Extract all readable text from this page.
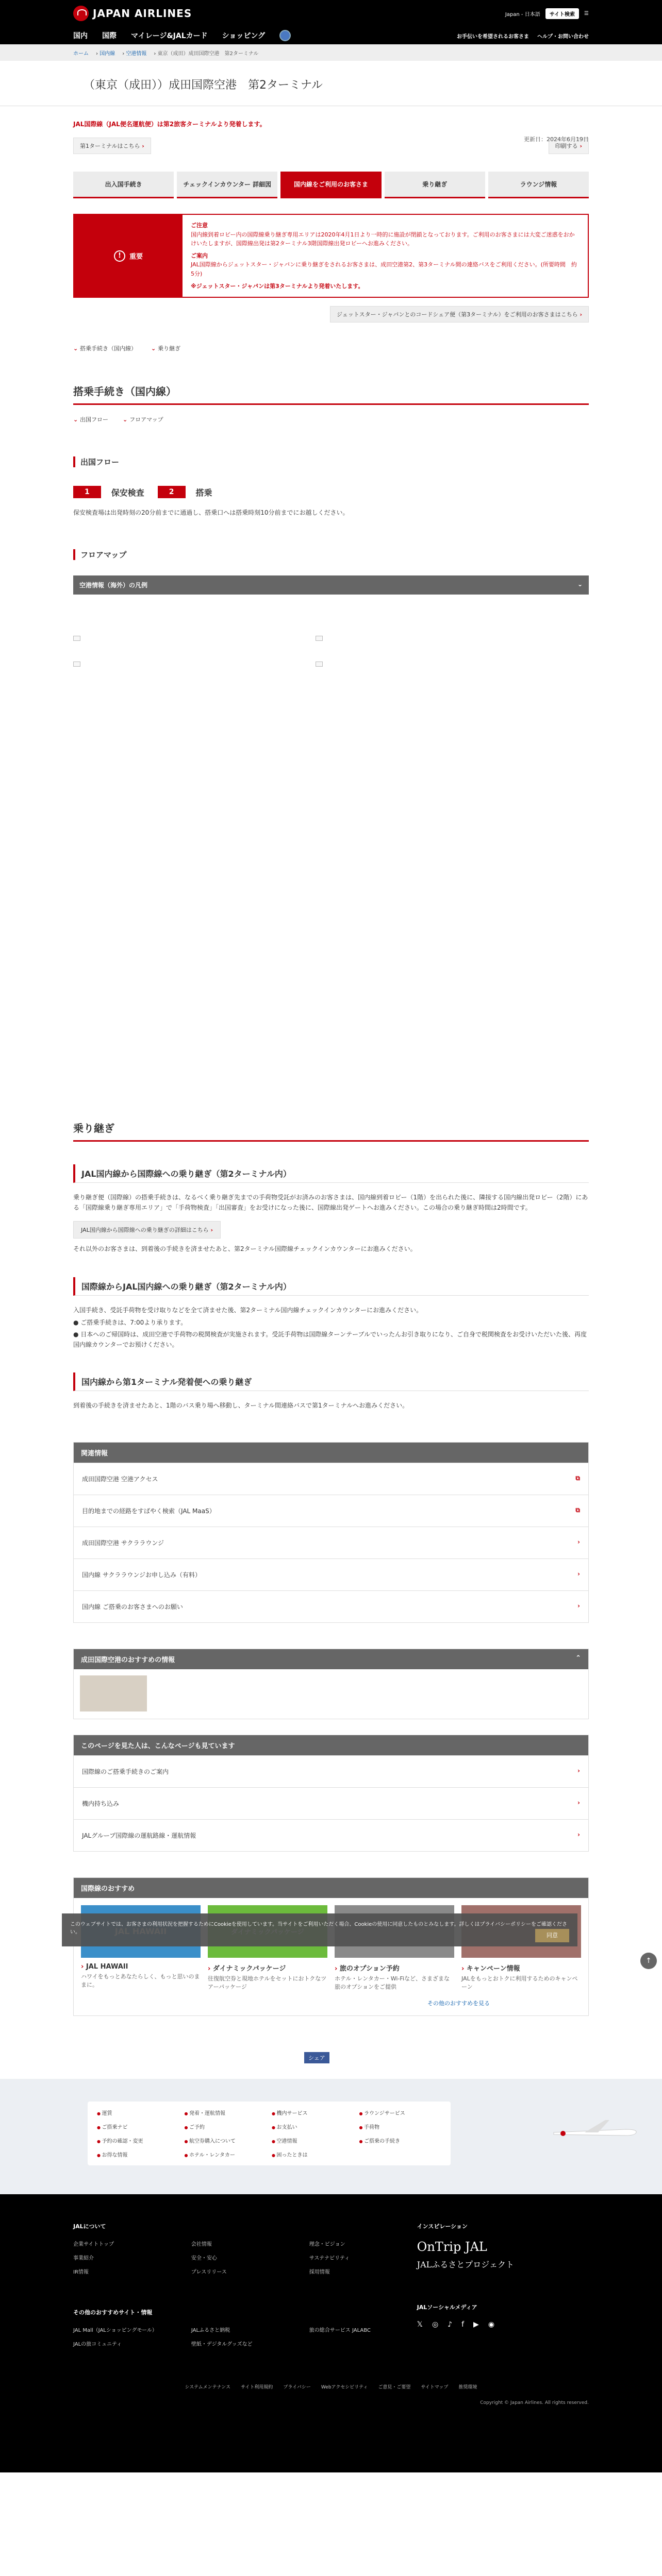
JAPAN AIRLINES	Japan - 日本語	サイト検索	☰
国内 国際 マイレージ&JALカード ショッピング	お手伝いを希望されるお客さま ヘルプ・お問い合わせ
ホーム › 国内線 › 空港情報 › 東京（成田）成田国際空港　第2ターミナル
（東京（成田））成田国際空港　第2ターミナル
JAL国際線（JAL便名運航便）は第2旅客ターミナルより発着します。
更新日：2024年6月19日
第1ターミナルはこちら ›	印刷する ›
出入国手続き	チェックインカウンター 詳細図	国内線をご利用のお客さま	乗り継ぎ	ラウンジ情報
!	重要
ご注意
国内線到着ロビー内の国際線乗り継ぎ専用エリアは2020年4月1日より一時的に施設が閉鎖となっております。ご利用のお客さまには大変ご迷惑をおかけいたしますが、国際線出発は第2ターミナル3階国際線出発ロビーへお進みください。
ご案内
JAL国際線からジェットスター・ジャパンに乗り継ぎをされるお客さまは、成田空港第2、第3ターミナル間の連絡バスをご利用ください。(所要時間　約5分)
※ジェットスター・ジャパンは第3ターミナルより発着いたします。
ジェットスター・ジャパンとのコードシェア便（第3ターミナル）をご利用のお客さまはこちら ›
⌄ 搭乗手続き（国内線）	⌄ 乗り継ぎ
搭乗手続き（国内線）
⌄ 出国フロー	⌄ フロアマップ
出国フロー
1	保安検査	2	搭乗

保安検査場は出発時刻の20分前までに通過し、搭乗口へは搭乗時刻10分前までにお越しください。

フロアマップ
空港情報（海外）の凡例	⌄
乗り継ぎ
JAL国内線から国際線への乗り継ぎ（第2ターミナル内）

乗り継ぎ便（国際線）の搭乗手続きは、なるべく乗り継ぎ先までの手荷物受託がお済みのお客さまは、国内線到着ロビー（1階）を出られた後に、隣接する国内線出発ロビー（2階）にある「国際線乗り継ぎ専用エリア」で「手荷物検査」「出国審査」をお受けになった後に、国際線出発ゲートへお進みください。この場合の乗り継ぎ時間は2時間です。

JAL国内線から国際線への乗り継ぎの詳細はこちら ›

それ以外のお客さまは、到着後の手続きを済ませたあと、第2ターミナル国際線チェックインカウンターにお進みください。

国際線からJAL国内線への乗り継ぎ（第2ターミナル内）

入国手続き、受託手荷物を受け取りなどを全て済ませた後、第2ターミナル国内線チェックインカウンターにお進みください。

● ご搭乗手続きは、7:00より承ります。

● 日本へのご帰国時は、成田空港で手荷物の税関検査が実施されます。受託手荷物は国際線ターンテーブルでいったんお引き取りになり、ご自身で税関検査をお受けいただいた後、再度国内線カウンターでお預けください。

国内線から第1ターミナル発着便への乗り継ぎ

到着後の手続きを済ませたあと、1階のバス乗り場へ移動し、ターミナル間連絡バスで第1ターミナルへお進みください。

関連情報
成田国際空港 空港アクセス ⧉
目的地までの経路をすばやく検索（JAL MaaS） ⧉
成田国際空港 サクララウンジ ›
国内線 サクララウンジお申し込み（有料） ›
国内線 ご搭乗のお客さまへのお願い ›
成田国際空港のおすすめの情報	⌃
このページを見た人は、こんなページも見ています
国際線のご搭乗手続きのご案内 ›
機内持ち込み ›
JALグループ国際線の運航路線・運航情報 ›
国際線のおすすめ
› JAL HAWAII

ハワイをもっとあなたらしく、もっと思いのままに。

› ダイナミックパッケージ

往復航空券と現地ホテルをセットにおトクなツアーパッケージ

› 旅のオプション予約

ホテル・レンタカー・Wi-Fiなど、さまざまな旅のオプションをご提供

› キャンペーン情報

JALをもっとおトクに利用するためのキャンペーン

その他のおすすめを見る
シェア
このウェブサイトでは、お客さまの利用状況を把握するためにCookieを使用しています。当サイトをご利用いただく場合、Cookieの使用に同意したものとみなします。詳しくはプライバシーポリシーをご確認ください。	同意
↑
● 運賃	● 発着・運航情報	● 機内サービス	● ラウンジサービス
● ご搭乗ナビ	● ご予約	● お支払い	● 手荷物
● 予約の確認・変更	● 航空券購入について	● 空港情報	● ご搭乗の手続き
● お得な情報	● ホテル・レンタカー	● 困ったときは
JALについて
企業サイトトップ	会社情報	理念・ビジョン
事業紹介	安全・安心	サステナビリティ
IR情報	プレスリリース	採用情報
その他のおすすめサイト・情報
JAL Mall（JALショッピングモール）	JALふるさと納税	旅の総合サービス JALABC
JALの旅コミュニティ	壁紙・デジタルグッズなど
インスピレーション
OnTrip JAL
JALふるさとプロジェクト
JALソーシャルメディア
𝕏 ◎ ♪ f ▶ ◉
システムメンテナンス サイト利用規約 プライバシー Webアクセシビリティ ご意見・ご要望 サイトマップ 推奨環境
Copyright © Japan Airlines. All rights reserved.
